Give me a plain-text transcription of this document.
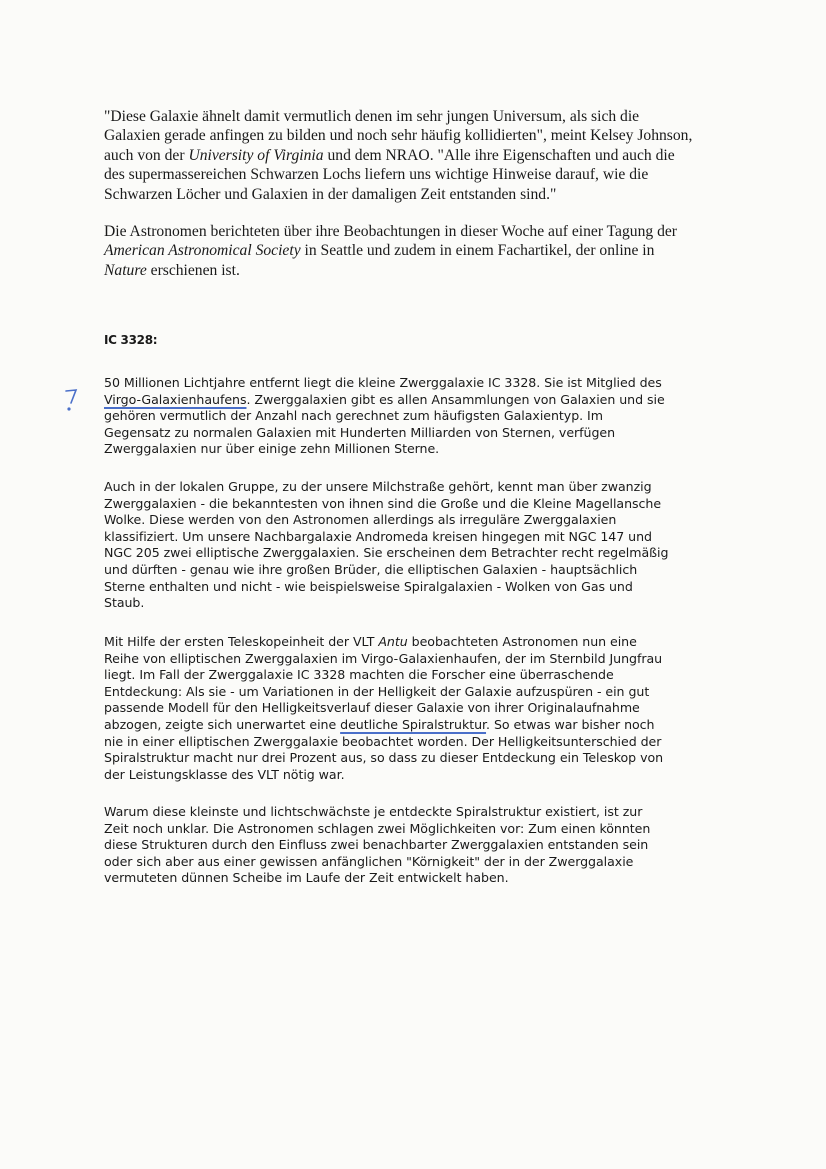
"Diese Galaxie ähnelt damit vermutlich denen im sehr jungen Universum, als sich die
Galaxien gerade anfingen zu bilden und noch sehr häufig kollidierten", meint Kelsey Johnson,
auch von der University of Virginia und dem NRAO. "Alle ihre Eigenschaften und auch die
des supermassereichen Schwarzen Lochs liefern uns wichtige Hinweise darauf, wie die
Schwarzen Löcher und Galaxien in der damaligen Zeit entstanden sind."
Die Astronomen berichteten über ihre Beobachtungen in dieser Woche auf einer Tagung der
American Astronomical Society in Seattle und zudem in einem Fachartikel, der online in
Nature erschienen ist.
IC 3328:
50 Millionen Lichtjahre entfernt liegt die kleine Zwerggalaxie IC 3328. Sie ist Mitglied des
Virgo-Galaxienhaufens. Zwerggalaxien gibt es allen Ansammlungen von Galaxien und sie
gehören vermutlich der Anzahl nach gerechnet zum häufigsten Galaxientyp. Im
Gegensatz zu normalen Galaxien mit Hunderten Milliarden von Sternen, verfügen
Zwerggalaxien nur über einige zehn Millionen Sterne.
Auch in der lokalen Gruppe, zu der unsere Milchstraße gehört, kennt man über zwanzig
Zwerggalaxien - die bekanntesten von ihnen sind die Große und die Kleine Magellansche
Wolke. Diese werden von den Astronomen allerdings als irreguläre Zwerggalaxien
klassifiziert. Um unsere Nachbargalaxie Andromeda kreisen hingegen mit NGC 147 und
NGC 205 zwei elliptische Zwerggalaxien. Sie erscheinen dem Betrachter recht regelmäßig
und dürften - genau wie ihre großen Brüder, die elliptischen Galaxien - hauptsächlich
Sterne enthalten und nicht - wie beispielsweise Spiralgalaxien - Wolken von Gas und
Staub.
Mit Hilfe der ersten Teleskopeinheit der VLT Antu beobachteten Astronomen nun eine
Reihe von elliptischen Zwerggalaxien im Virgo-Galaxienhaufen, der im Sternbild Jungfrau
liegt. Im Fall der Zwerggalaxie IC 3328 machten die Forscher eine überraschende
Entdeckung: Als sie - um Variationen in der Helligkeit der Galaxie aufzuspüren - ein gut
passende Modell für den Helligkeitsverlauf dieser Galaxie von ihrer Originalaufnahme
abzogen, zeigte sich unerwartet eine deutliche Spiralstruktur. So etwas war bisher noch
nie in einer elliptischen Zwerggalaxie beobachtet worden. Der Helligkeitsunterschied der
Spiralstruktur macht nur drei Prozent aus, so dass zu dieser Entdeckung ein Teleskop von
der Leistungsklasse des VLT nötig war.
Warum diese kleinste und lichtschwächste je entdeckte Spiralstruktur existiert, ist zur
Zeit noch unklar. Die Astronomen schlagen zwei Möglichkeiten vor: Zum einen könnten
diese Strukturen durch den Einfluss zwei benachbarter Zwerggalaxien entstanden sein
oder sich aber aus einer gewissen anfänglichen "Körnigkeit" der in der Zwerggalaxie
vermuteten dünnen Scheibe im Laufe der Zeit entwickelt haben.
